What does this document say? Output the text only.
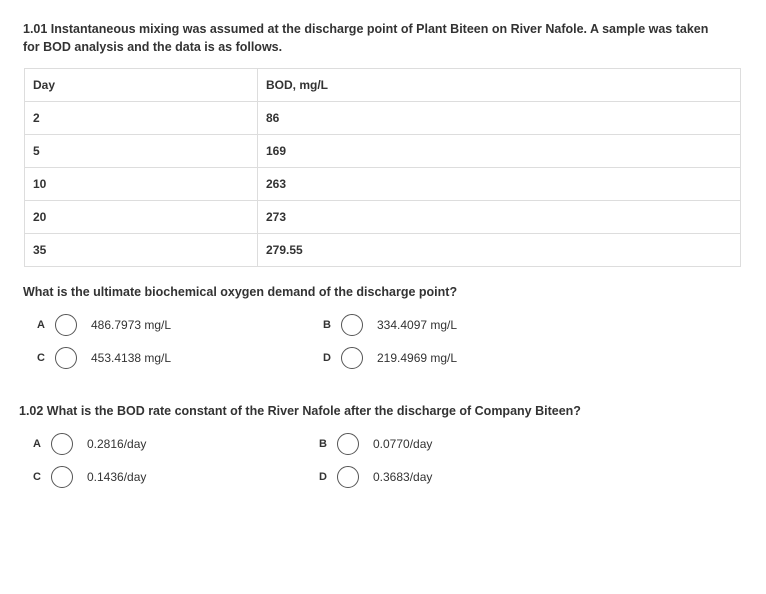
1.01 Instantaneous mixing was assumed at the discharge point of Plant Biteen on River Nafole. A sample was taken
for BOD analysis and the data is as follows.
Day	BOD, mg/L
2	86
5	169
10	263
20	273
35	279.55
What is the ultimate biochemical oxygen demand of the discharge point?
A	486.7973 mg/L	B	334.4097 mg/L
C	453.4138 mg/L	D	219.4969 mg/L
1.02 What is the BOD rate constant of the River Nafole after the discharge of Company Biteen?
A	0.2816/day	B	0.0770/day
C	0.1436/day	D	0.3683/day
